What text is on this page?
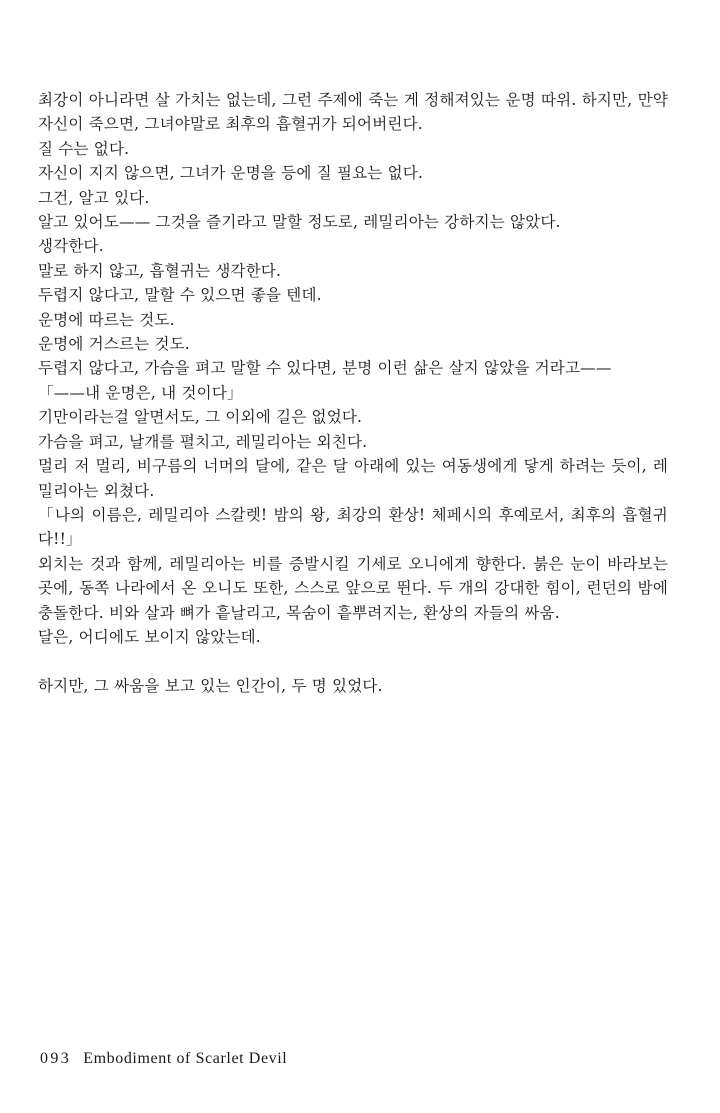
최강이 아니라면 살 가치는 없는데, 그런 주제에 죽는 게 정해져있는 운명 따위. 하지만, 만약 자신이 죽으면, 그녀야말로 최후의 흡혈귀가 되어버린다.

질 수는 없다.

자신이 지지 않으면, 그녀가 운명을 등에 질 필요는 없다.

그건, 알고 있다.

알고 있어도—— 그것을 즐기라고 말할 정도로, 레밀리아는 강하지는 않았다.

생각한다.

말로 하지 않고, 흡혈귀는 생각한다.

두렵지 않다고, 말할 수 있으면 좋을 텐데.

운명에 따르는 것도.

운명에 거스르는 것도.

두렵지 않다고, 가슴을 펴고 말할 수 있다면, 분명 이런 삶은 살지 않았을 거라고——

「——내 운명은, 내 것이다」

기만이라는걸 알면서도, 그 이외에 길은 없었다.

가슴을 펴고, 날개를 펼치고, 레밀리아는 외친다.

멀리 저 멀리, 비구름의 너머의 달에, 같은 달 아래에 있는 여동생에게 닿게 하려는 듯이, 레밀리아는 외쳤다.

「나의 이름은, 레밀리아 스칼렛! 밤의 왕, 최강의 환상! 체페시의 후예로서, 최후의 흡혈귀다!!」

외치는 것과 함께, 레밀리아는 비를 증발시킬 기세로 오니에게 향한다. 붉은 눈이 바라보는 곳에, 동쪽 나라에서 온 오니도 또한, 스스로 앞으로 뛴다. 두 개의 강대한 힘이, 런던의 밤에 충돌한다. 비와 살과 뼈가 흩날리고, 목숨이 흩뿌려지는, 환상의 자들의 싸움.

달은, 어디에도 보이지 않았는데.

하지만, 그 싸움을 보고 있는 인간이, 두 명 있었다.

093 Embodiment of Scarlet Devil
